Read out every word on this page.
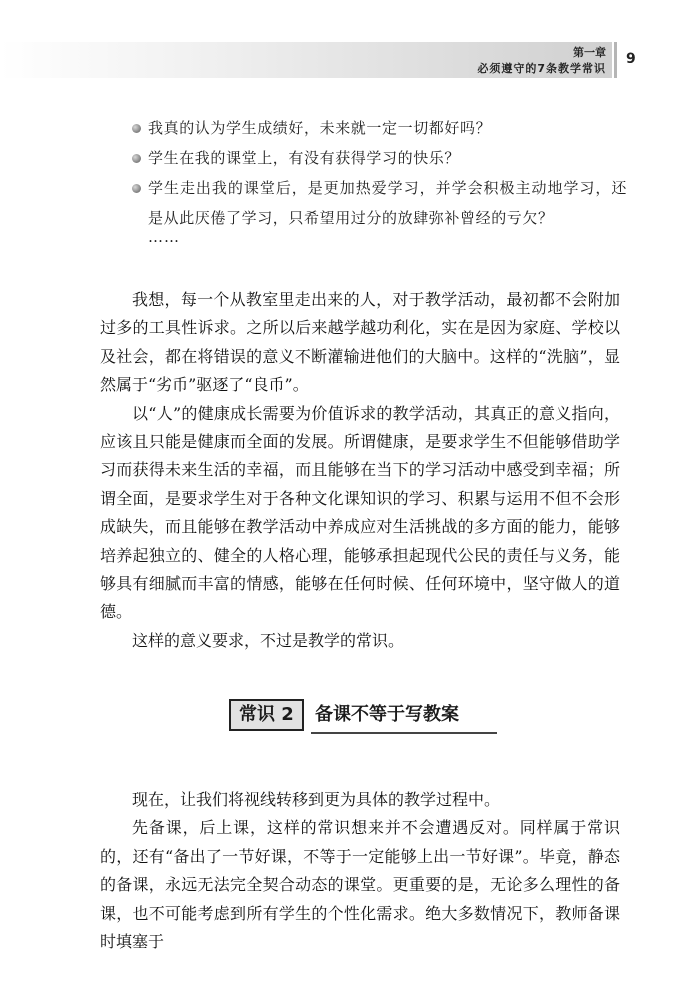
第一章
必须遵守的7条教学常识
9
我真的认为学生成绩好，未来就一定一切都好吗？
学生在我的课堂上，有没有获得学习的快乐？
学生走出我的课堂后，是更加热爱学习，并学会积极主动地学习，还是从此厌倦了学习，只希望用过分的放肆弥补曾经的亏欠？
……

我想，每一个从教室里走出来的人，对于教学活动，最初都不会附加过多的工具性诉求。之所以后来越学越功利化，实在是因为家庭、学校以及社会，都在将错误的意义不断灌输进他们的大脑中。这样的“洗脑”，显然属于“劣币”驱逐了“良币”。

以“人”的健康成长需要为价值诉求的教学活动，其真正的意义指向，应该且只能是健康而全面的发展。所谓健康，是要求学生不但能够借助学习而获得未来生活的幸福，而且能够在当下的学习活动中感受到幸福；所谓全面，是要求学生对于各种文化课知识的学习、积累与运用不但不会形成缺失，而且能够在教学活动中养成应对生活挑战的多方面的能力，能够培养起独立的、健全的人格心理，能够承担起现代公民的责任与义务，能够具有细腻而丰富的情感，能够在任何时候、任何环境中，坚守做人的道德。

这样的意义要求，不过是教学的常识。

常识 2	备课不等于写教案

现在，让我们将视线转移到更为具体的教学过程中。

先备课，后上课，这样的常识想来并不会遭遇反对。同样属于常识的，还有“备出了一节好课，不等于一定能够上出一节好课”。毕竟，静态的备课，永远无法完全契合动态的课堂。更重要的是，无论多么理性的备课，也不可能考虑到所有学生的个性化需求。绝大多数情况下，教师备课时填塞于
